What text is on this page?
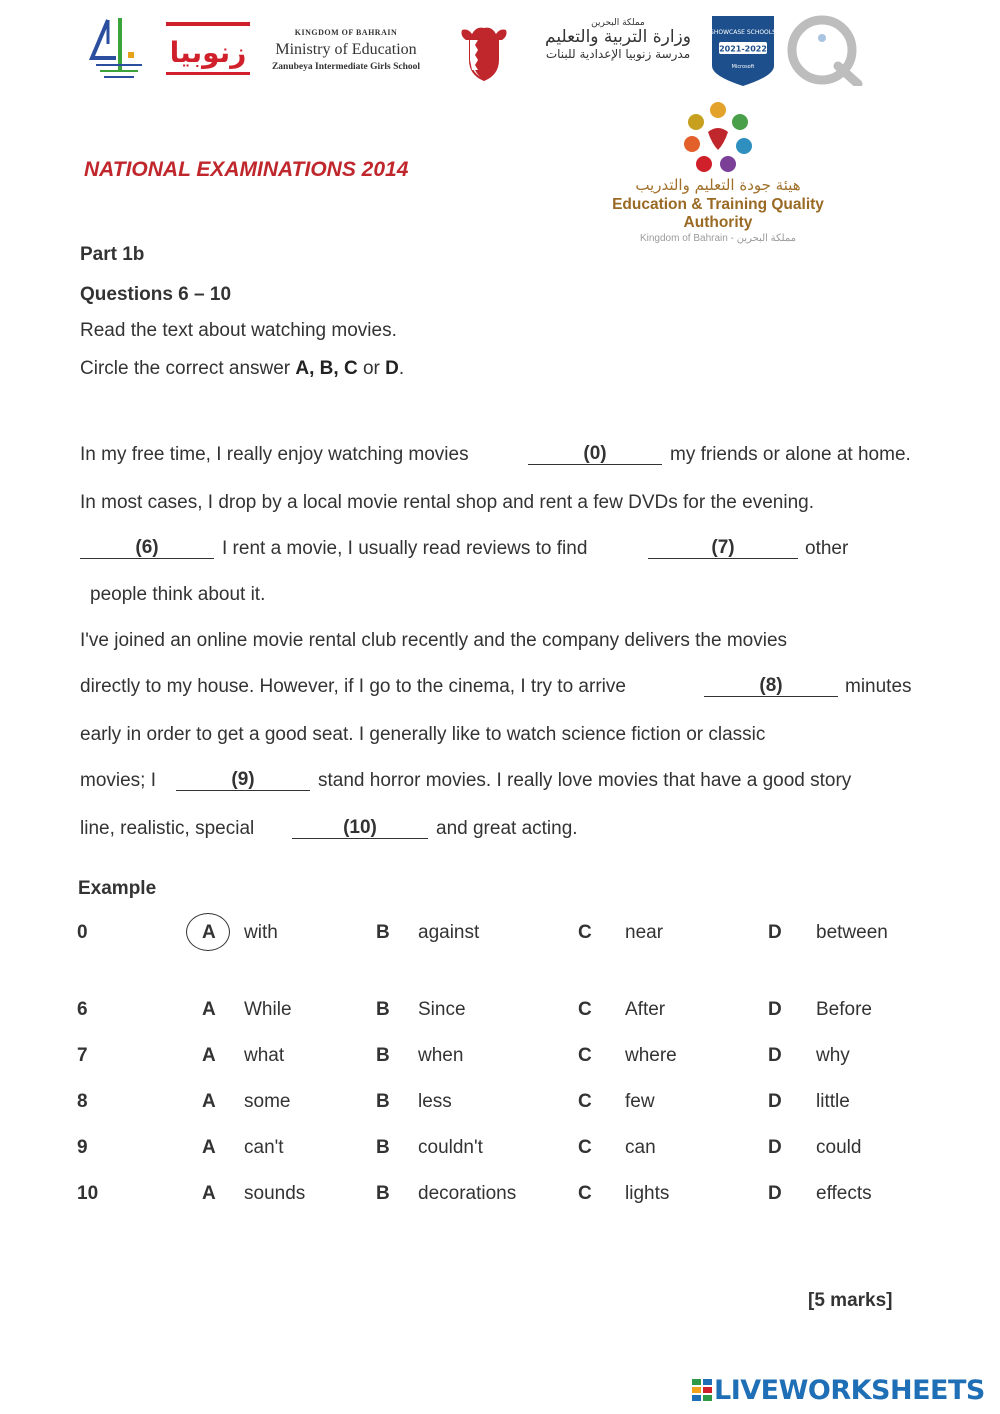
زنوبيا
KINGDOM OF BAHRAIN
Ministry of Education
Zanubeya Intermediate Girls School
مملكة البحرين
وزارة التربية والتعليم
مدرسة زنوبيا الإعدادية للبنات
SHOWCASE SCHOOLS
2021-2022
Microsoft
NATIONAL EXAMINATIONS 2014
هيئة جودة التعليم والتدريب
Education & Training Quality Authority
Kingdom of Bahrain - مملكة البحرين
Part 1b
Questions 6 – 10
Read the text about watching movies.
Circle the correct answer A, B, C or D.
In my free time, I really enjoy watching movies	(0)	my friends or alone at home.
In most cases, I drop by a local movie rental shop and rent a few DVDs for the evening.
(6)	I rent a movie, I usually read reviews to find	(7)	other
people think about it.
I've joined an online movie rental club recently and the company delivers the movies
directly to my house. However, if I go to the cinema, I try to arrive	(8)	minutes
early in order to get a good seat. I generally like to watch science fiction or classic
movies; I	(9)	stand horror movies. I really love movies that have a good story
line, realistic, special	(10)	and great acting.
Example
0	A with	B against	C near	D between
6	A While	B Since	C After	D Before
7	A what	B when	C where	D why
8	A some	B less	C few	D little
9	A can't	B couldn't	C can	D could
10	A sounds	B decorations	C lights	D effects
[5 marks]
LIVEWORKSHEETS
